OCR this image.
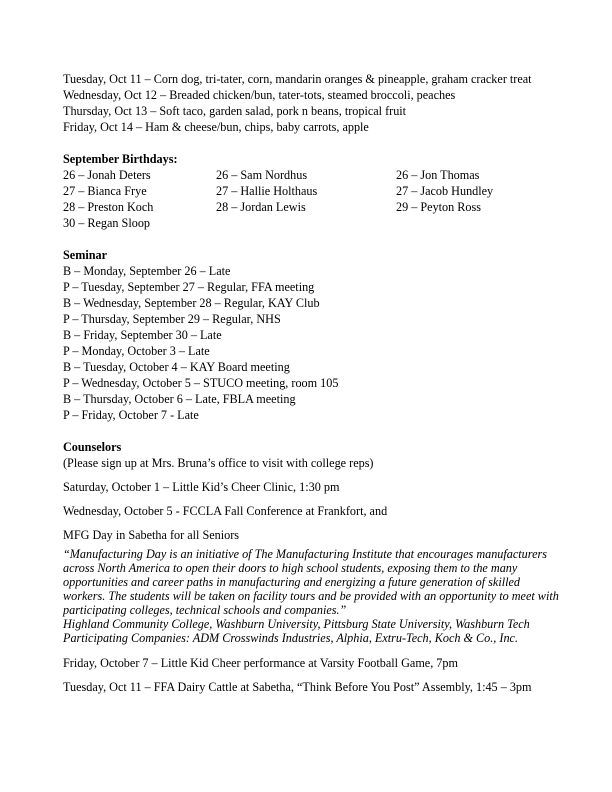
Tuesday, Oct 11 – Corn dog, tri-tater, corn, mandarin oranges & pineapple, graham cracker treat
Wednesday, Oct 12 – Breaded chicken/bun, tater-tots, steamed broccoli, peaches
Thursday, Oct 13 – Soft taco, garden salad, pork n beans, tropical fruit
Friday, Oct 14 – Ham & cheese/bun, chips, baby carrots, apple
September Birthdays:
26 – Jonah Deters	26 – Sam Nordhus	26 – Jon Thomas
27 – Bianca Frye	27 – Hallie Holthaus	27 – Jacob Hundley
28 – Preston Koch	28 – Jordan Lewis	29 – Peyton Ross
30 – Regan Sloop
Seminar
B – Monday, September 26 – Late
P – Tuesday, September 27 – Regular, FFA meeting
B – Wednesday, September 28 – Regular, KAY Club
P – Thursday, September 29 – Regular, NHS
B – Friday, September 30 – Late
P – Monday, October 3 – Late
B – Tuesday, October 4 – KAY Board meeting
P – Wednesday, October 5 – STUCO meeting, room 105
B – Thursday, October 6 – Late, FBLA meeting
P – Friday, October 7 - Late
Counselors
(Please sign up at Mrs. Bruna’s office to visit with college reps)
Saturday, October 1 – Little Kid’s Cheer Clinic, 1:30 pm
Wednesday, October 5 - FCCLA Fall Conference at Frankfort, and
MFG Day in Sabetha for all Seniors

“Manufacturing Day is an initiative of The Manufacturing Institute that encourages manufacturers across North America to open their doors to high school students, exposing them to the many opportunities and career paths in manufacturing and energizing a future generation of skilled workers. The students will be taken on facility tours and be provided with an opportunity to meet with participating colleges, technical schools and companies.”

Highland Community College, Washburn University, Pittsburg State University, Washburn Tech

Participating Companies: ADM Crosswinds Industries, Alphia, Extru-Tech, Koch & Co., Inc.

Friday, October 7 – Little Kid Cheer performance at Varsity Football Game, 7pm
Tuesday, Oct 11 – FFA Dairy Cattle at Sabetha, “Think Before You Post” Assembly, 1:45 – 3pm
